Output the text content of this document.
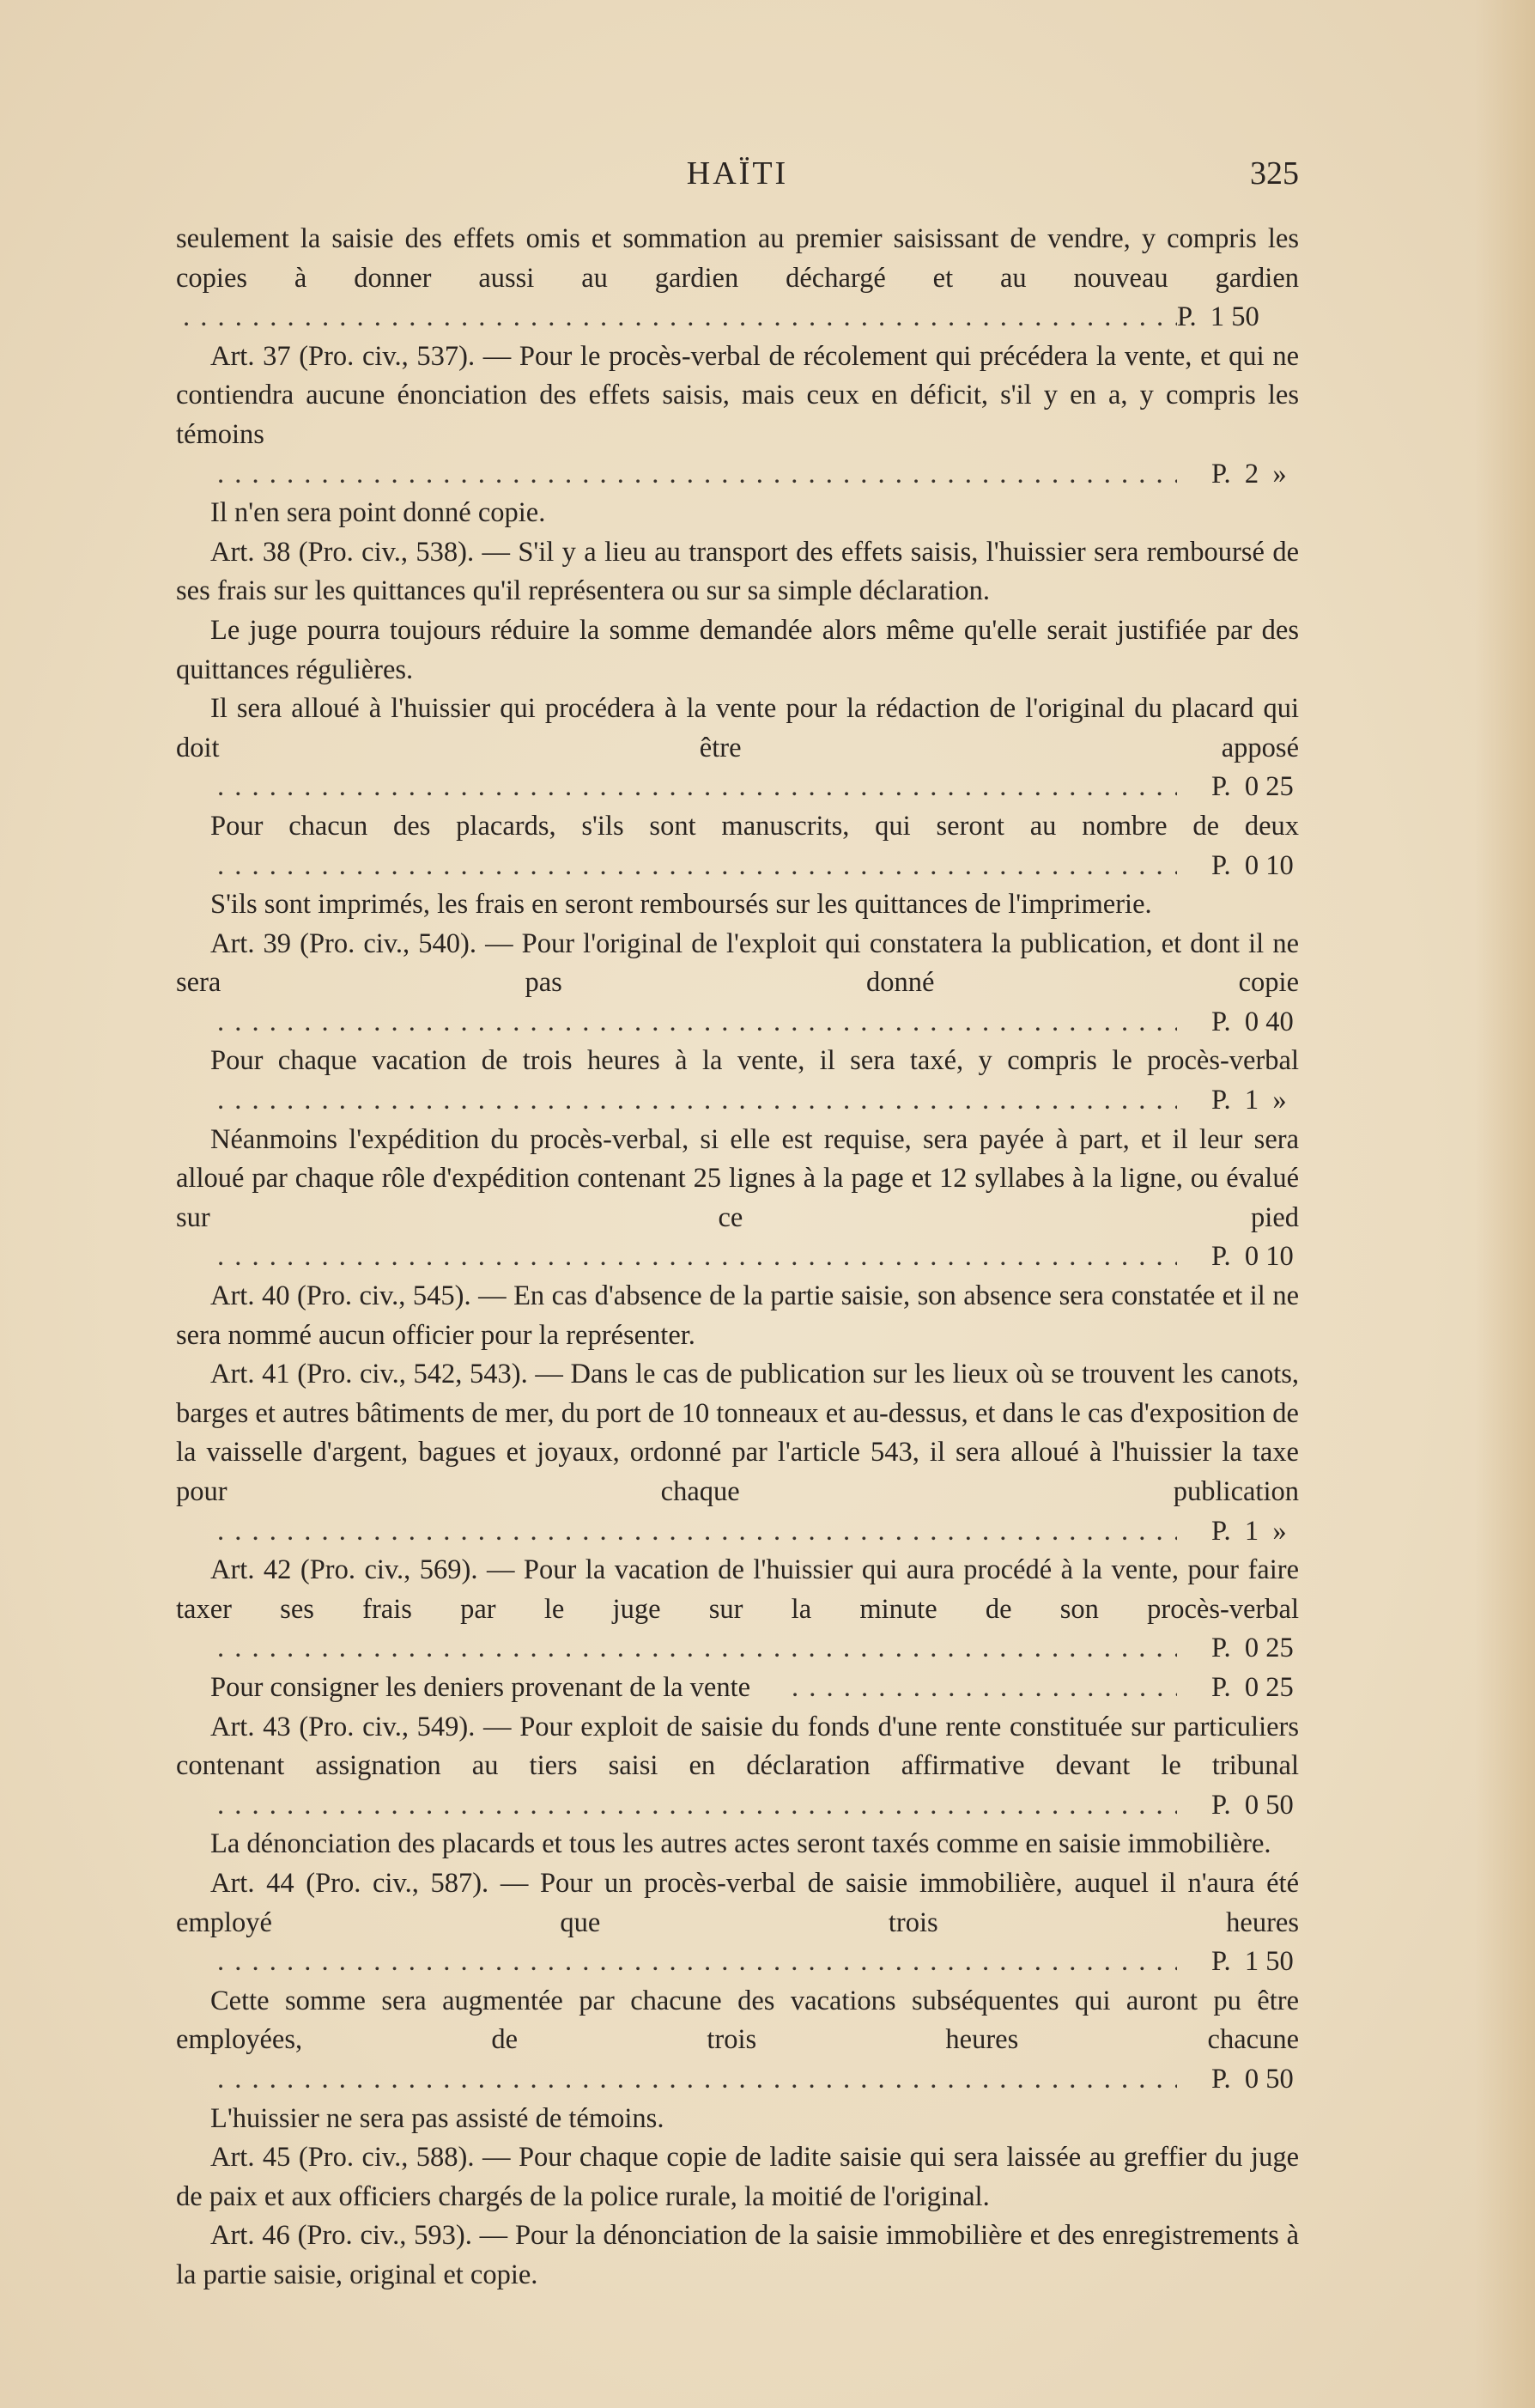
HAÏTI	325
seulement la saisie des effets omis et sommation au premier saisissant de vendre, y compris les copies à donner aussi au gardien déchargé et au nouveau gardien
. . .
P.  1 50
Art. 37 (Pro. civ., 537). — Pour le procès-verbal de récolement qui précédera la vente, et qui ne contiendra aucune énonciation des effets saisis, mais ceux en déficit, s'il y en a, y compris les témoins
. . .
P.  2  »

Il n'en sera point donné copie.

Art. 38 (Pro. civ., 538). — S'il y a lieu au transport des effets saisis, l'huissier sera remboursé de ses frais sur les quittances qu'il représentera ou sur sa simple déclaration.

Le juge pourra toujours réduire la somme demandée alors même qu'elle serait justifiée par des quittances régulières.

Il sera alloué à l'huissier qui procédera à la vente pour la rédaction de l'original du placard qui doit être apposé
. . .
P.  0 25
Pour chacun des placards, s'ils sont manuscrits, qui seront au nombre de deux
. . .
P.  0 10

S'ils sont imprimés, les frais en seront remboursés sur les quittances de l'imprimerie.

Art. 39 (Pro. civ., 540). — Pour l'original de l'exploit qui constatera la publication, et dont il ne sera pas donné copie
. . .
P.  0 40
Pour chaque vacation de trois heures à la vente, il sera taxé, y compris le procès-verbal
. . .
P.  1  »
Néanmoins l'expédition du procès-verbal, si elle est requise, sera payée à part, et il leur sera alloué par chaque rôle d'expédition contenant 25 lignes à la page et 12 syllabes à la ligne, ou évalué sur ce pied
. . .
P.  0 10

Art. 40 (Pro. civ., 545). — En cas d'absence de la partie saisie, son absence sera constatée et il ne sera nommé aucun officier pour la représenter.

Art. 41 (Pro. civ., 542, 543). — Dans le cas de publication sur les lieux où se trouvent les canots, barges et autres bâtiments de mer, du port de 10 tonneaux et au-dessus, et dans le cas d'exposition de la vaisselle d'argent, bagues et joyaux, ordonné par l'article 543, il sera alloué à l'huissier la taxe pour chaque publication
. . .
P.  1  »
Art. 42 (Pro. civ., 569). — Pour la vacation de l'huissier qui aura procédé à la vente, pour faire taxer ses frais par le juge sur la minute de son procès-verbal
. . .
P.  0 25
Pour consigner les deniers provenant de la vente . . .	P.  0 25
Art. 43 (Pro. civ., 549). — Pour exploit de saisie du fonds d'une rente constituée sur particuliers contenant assignation au tiers saisi en déclaration affirmative devant le tribunal
. . .
P.  0 50

La dénonciation des placards et tous les autres actes seront taxés comme en saisie immobilière.

Art. 44 (Pro. civ., 587). — Pour un procès-verbal de saisie immobilière, auquel il n'aura été employé que trois heures
. . .
P.  1 50
Cette somme sera augmentée par chacune des vacations subséquentes qui auront pu être employées, de trois heures chacune
. . .
P.  0 50

L'huissier ne sera pas assisté de témoins.

Art. 45 (Pro. civ., 588). — Pour chaque copie de ladite saisie qui sera laissée au greffier du juge de paix et aux officiers chargés de la police rurale, la moitié de l'original.

Art. 46 (Pro. civ., 593). — Pour la dénonciation de la saisie immobilière et des enregistrements à la partie saisie, original et copie.
